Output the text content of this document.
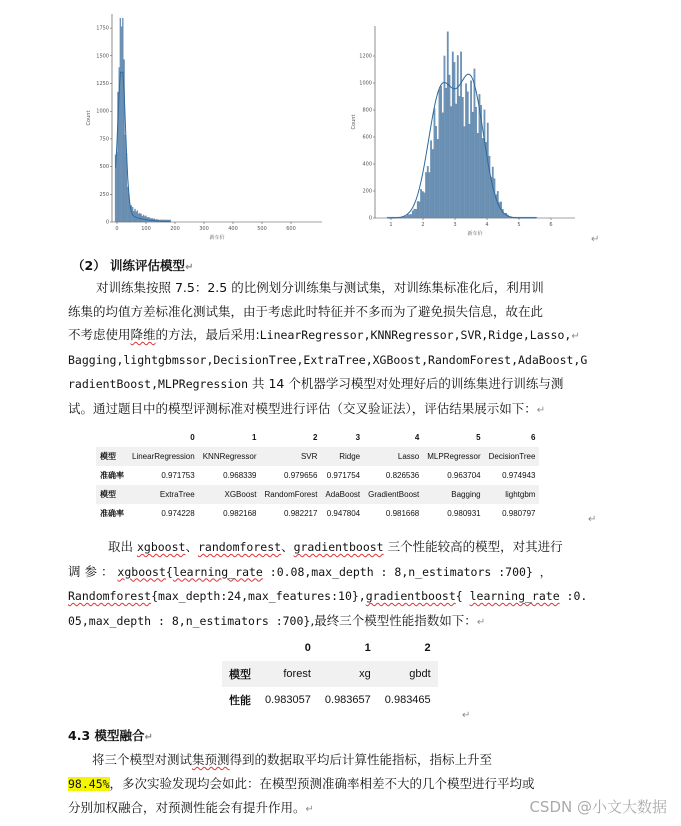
0	100	200	300	400	500	600
0
250
500
750
1000
1250
1500
1750
新车价
Count
1	2	3	4	5	6
0
200
400
600
800
1000
1200
新车价
Count
↵
（2） 训练评估模型↵
对训练集按照 7.5：2.5 的比例划分训练集与测试集，对训练集标准化后，利用训
练集的均值方差标准化测试集，由于考虑此时特征并不多而为了避免损失信息，故在此
不考虑使用降维的方法，最后采用:LinearRegressor,KNNRegressor,SVR,Ridge,Lasso,↵
Bagging,lightgbmssor,DecisionTree,ExtraTree,XGBoost,RandomForest,AdaBoost,G
radientBoost,MLPRegression 共 14 个机器学习模型对处理好后的训练集进行训练与测
试。通过题目中的模型评测标准对模型进行评估（交叉验证法），评估结果展示如下：↵
	0	1	2	3	4	5	6
模型	LinearRegression	KNNRegressor	SVR	Ridge	Lasso	MLPRegressor	DecisionTree
准确率	0.971753	0.968339	0.979656	0.971754	0.826536	0.963704	0.974943
模型	ExtraTree	XGBoost	RandomForest	AdaBoost	GradientBoost	Bagging	lightgbm
准确率	0.974228	0.982168	0.982217	0.947804	0.981668	0.980931	0.980797
↵
取出 xgboost、randomforest、gradientboost 三个性能较高的模型，对其进行
调 参 ： xgboost{learning_rate :0.08,max_depth : 8,n_estimators :700} ，
Randomforest{max_depth:24,max_features:10},gradientboost{ learning_rate :0.
05,max_depth : 8,n_estimators :700},最终三个模型性能指数如下：↵
	0	1	2
模型	forest	xg	gbdt
性能	0.983057	0.983657	0.983465
↵
4.3 模型融合↵
将三个模型对测试集预测得到的数据取平均后计算性能指标，指标上升至
98.45%，多次实验发现均会如此：在模型预测准确率相差不大的几个模型进行平均或
分别加权融合，对预测性能会有提升作用。↵	CSDN @小文大数据
